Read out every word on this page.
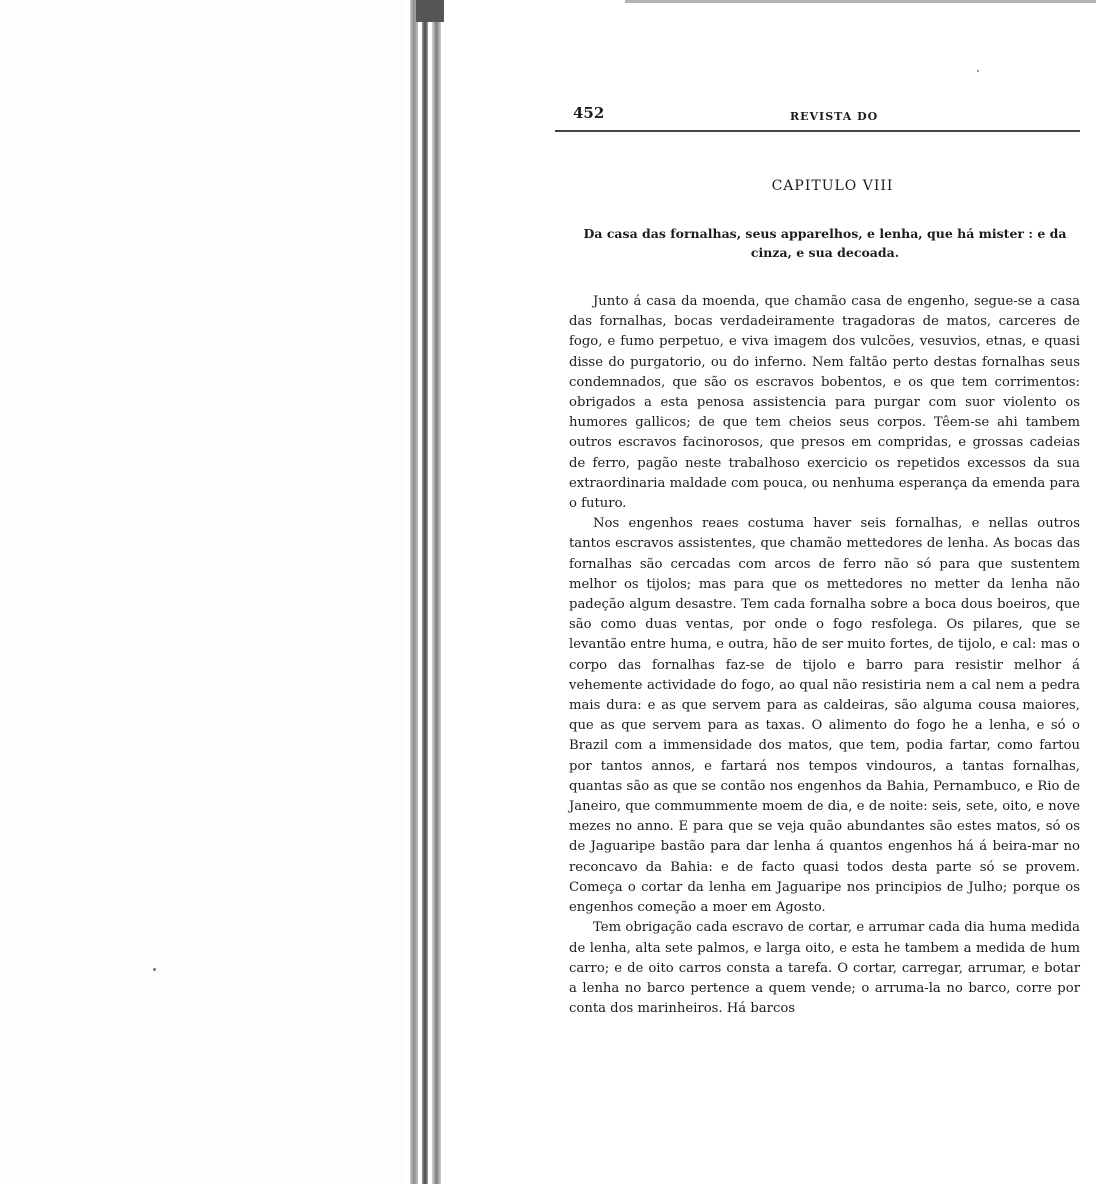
452	REVISTA DO
CAPITULO VIII
Da casa das fornalhas, seus apparelhos, e lenha, que há mister : e da cinza, e sua decoada.

Junto á casa da moenda, que chamão casa de engenho, segue-se a casa das fornalhas, bocas verdadeiramente tragadoras de matos, carceres de fogo, e fumo perpetuo, e viva imagem dos vulcões, vesuvios, etnas, e quasi disse do purgatorio, ou do inferno. Nem faltão perto destas fornalhas seus condemnados, que são os escravos bobentos, e os que tem corrimentos: obrigados a esta penosa assistencia para purgar com suor violento os humores gallicos; de que tem cheios seus corpos. Têem-se ahi tambem outros escravos facinorosos, que presos em compridas, e grossas cadeias de ferro, pagão neste trabalhoso exercicio os repetidos excessos da sua extraordinaria maldade com pouca, ou nenhuma esperança da emenda para o futuro.

Nos engenhos reaes costuma haver seis fornalhas, e nellas outros tantos escravos assistentes, que chamão mettedores de lenha. As bocas das fornalhas são cercadas com arcos de ferro não só para que sustentem melhor os tijolos; mas para que os mettedores no metter da lenha não padeção algum desastre. Tem cada fornalha sobre a boca dous boeiros, que são como duas ventas, por onde o fogo resfolega. Os pilares, que se levantão entre huma, e outra, hão de ser muito fortes, de tijolo, e cal: mas o corpo das fornalhas faz-se de tijolo e barro para resistir melhor á vehemente actividade do fogo, ao qual não resistiria nem a cal nem a pedra mais dura: e as que servem para as caldeiras, são alguma cousa maiores, que as que servem para as taxas. O alimento do fogo he a lenha, e só o Brazil com a immensidade dos matos, que tem, podia fartar, como fartou por tantos annos, e fartará nos tempos vindouros, a tantas fornalhas, quantas são as que se contão nos engenhos da Bahia, Pernambuco, e Rio de Janeiro, que commummente moem de dia, e de noite: seis, sete, oito, e nove mezes no anno. E para que se veja quão abundantes são estes matos, só os de Jaguaripe bastão para dar lenha á quantos engenhos há á beira-mar no reconcavo da Bahia: e de facto quasi todos desta parte só se provem. Começa o cortar da lenha em Jaguaripe nos principios de Julho; porque os engenhos começão a moer em Agosto.

Tem obrigação cada escravo de cortar, e arrumar cada dia huma medida de lenha, alta sete palmos, e larga oito, e esta he tambem a medida de hum carro; e de oito carros consta a tarefa. O cortar, carregar, arrumar, e botar a lenha no barco pertence a quem vende; o arruma-la no barco, corre por conta dos marinheiros. Há barcos
